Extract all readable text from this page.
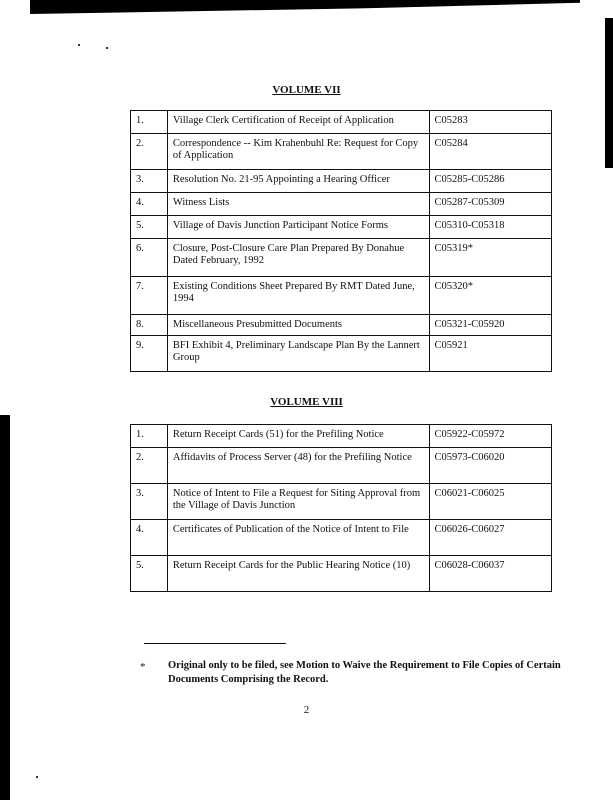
VOLUME VII
1.	Village Clerk Certification of Receipt of Application	C05283
2.	Correspondence -- Kim Krahenbuhl Re: Request for Copy of Application	C05284
3.	Resolution No. 21-95 Appointing a Hearing Officer	C05285-C05286
4.	Witness Lists	C05287-C05309
5.	Village of Davis Junction Participant Notice Forms	C05310-C05318
6.	Closure, Post-Closure Care Plan Prepared By Donahue Dated February, 1992	C05319*
7.	Existing Conditions Sheet Prepared By RMT Dated June, 1994	C05320*
8.	Miscellaneous Presubmitted Documents	C05321-C05920
9.	BFI Exhibit 4, Preliminary Landscape Plan By the Lannert Group	C05921
VOLUME VIII
1.	Return Receipt Cards (51) for the Prefiling Notice	C05922-C05972
2.	Affidavits of Process Server (48) for the Prefiling Notice	C05973-C06020
3.	Notice of Intent to File a Request for Siting Approval from the Village of Davis Junction	C06021-C06025
4.	Certificates of Publication of the Notice of Intent to File	C06026-C06027
5.	Return Receipt Cards for the Public Hearing Notice (10)	C06028-C06037
* Original only to be filed, see Motion to Waive the Requirement to File Copies of Certain Documents Comprising the Record.
2
